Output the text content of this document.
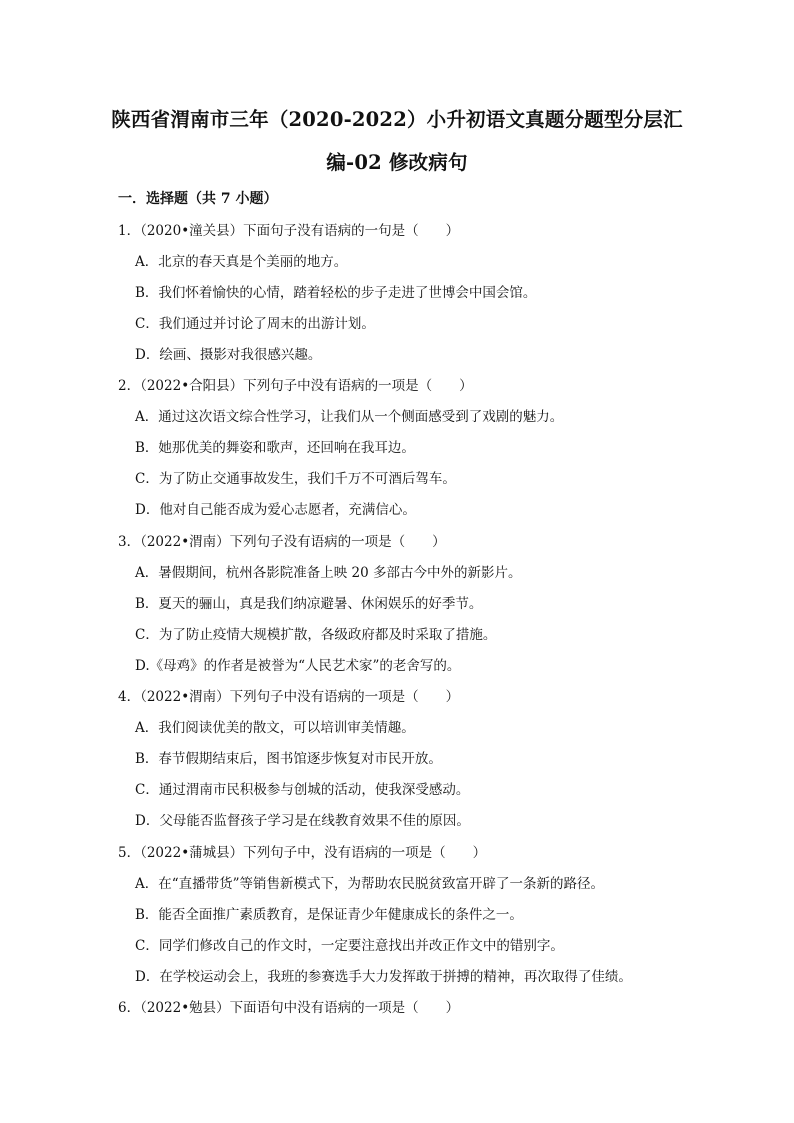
陕西省渭南市三年（2020-2022）小升初语文真题分题型分层汇
编-02 修改病句
一．选择题（共 7 小题）
1．（2020•潼关县）下面句子没有语病的一句是（　　）
A．北京的春天真是个美丽的地方。
B．我们怀着愉快的心情，踏着轻松的步子走进了世博会中国会馆。
C．我们通过并讨论了周末的出游计划。
D．绘画、摄影对我很感兴趣。
2．（2022•合阳县）下列句子中没有语病的一项是（　　）
A．通过这次语文综合性学习，让我们从一个侧面感受到了戏剧的魅力。
B．她那优美的舞姿和歌声，还回响在我耳边。
C．为了防止交通事故发生，我们千万不可酒后驾车。
D．他对自己能否成为爱心志愿者，充满信心。
3．（2022•渭南）下列句子没有语病的一项是（　　）
A．暑假期间，杭州各影院准备上映 20 多部古今中外的新影片。
B．夏天的骊山，真是我们纳凉避暑、休闲娱乐的好季节。
C．为了防止疫情大规模扩散，各级政府都及时采取了措施。
D.《母鸡》的作者是被誉为“人民艺术家”的老舍写的。
4．（2022•渭南）下列句子中没有语病的一项是（　　）
A．我们阅读优美的散文，可以培训审美情趣。
B．春节假期结束后，图书馆逐步恢复对市民开放。
C．通过渭南市民积极参与创城的活动，使我深受感动。
D．父母能否监督孩子学习是在线教育效果不佳的原因。
5．（2022•蒲城县）下列句子中，没有语病的一项是（　　）
A．在“直播带货”等销售新模式下，为帮助农民脱贫致富开辟了一条新的路径。
B．能否全面推广素质教育，是保证青少年健康成长的条件之一。
C．同学们修改自己的作文时，一定要注意找出并改正作文中的错别字。
D．在学校运动会上，我班的参赛选手大力发挥敢于拼搏的精神，再次取得了佳绩。
6．（2022•勉县）下面语句中没有语病的一项是（　　）
